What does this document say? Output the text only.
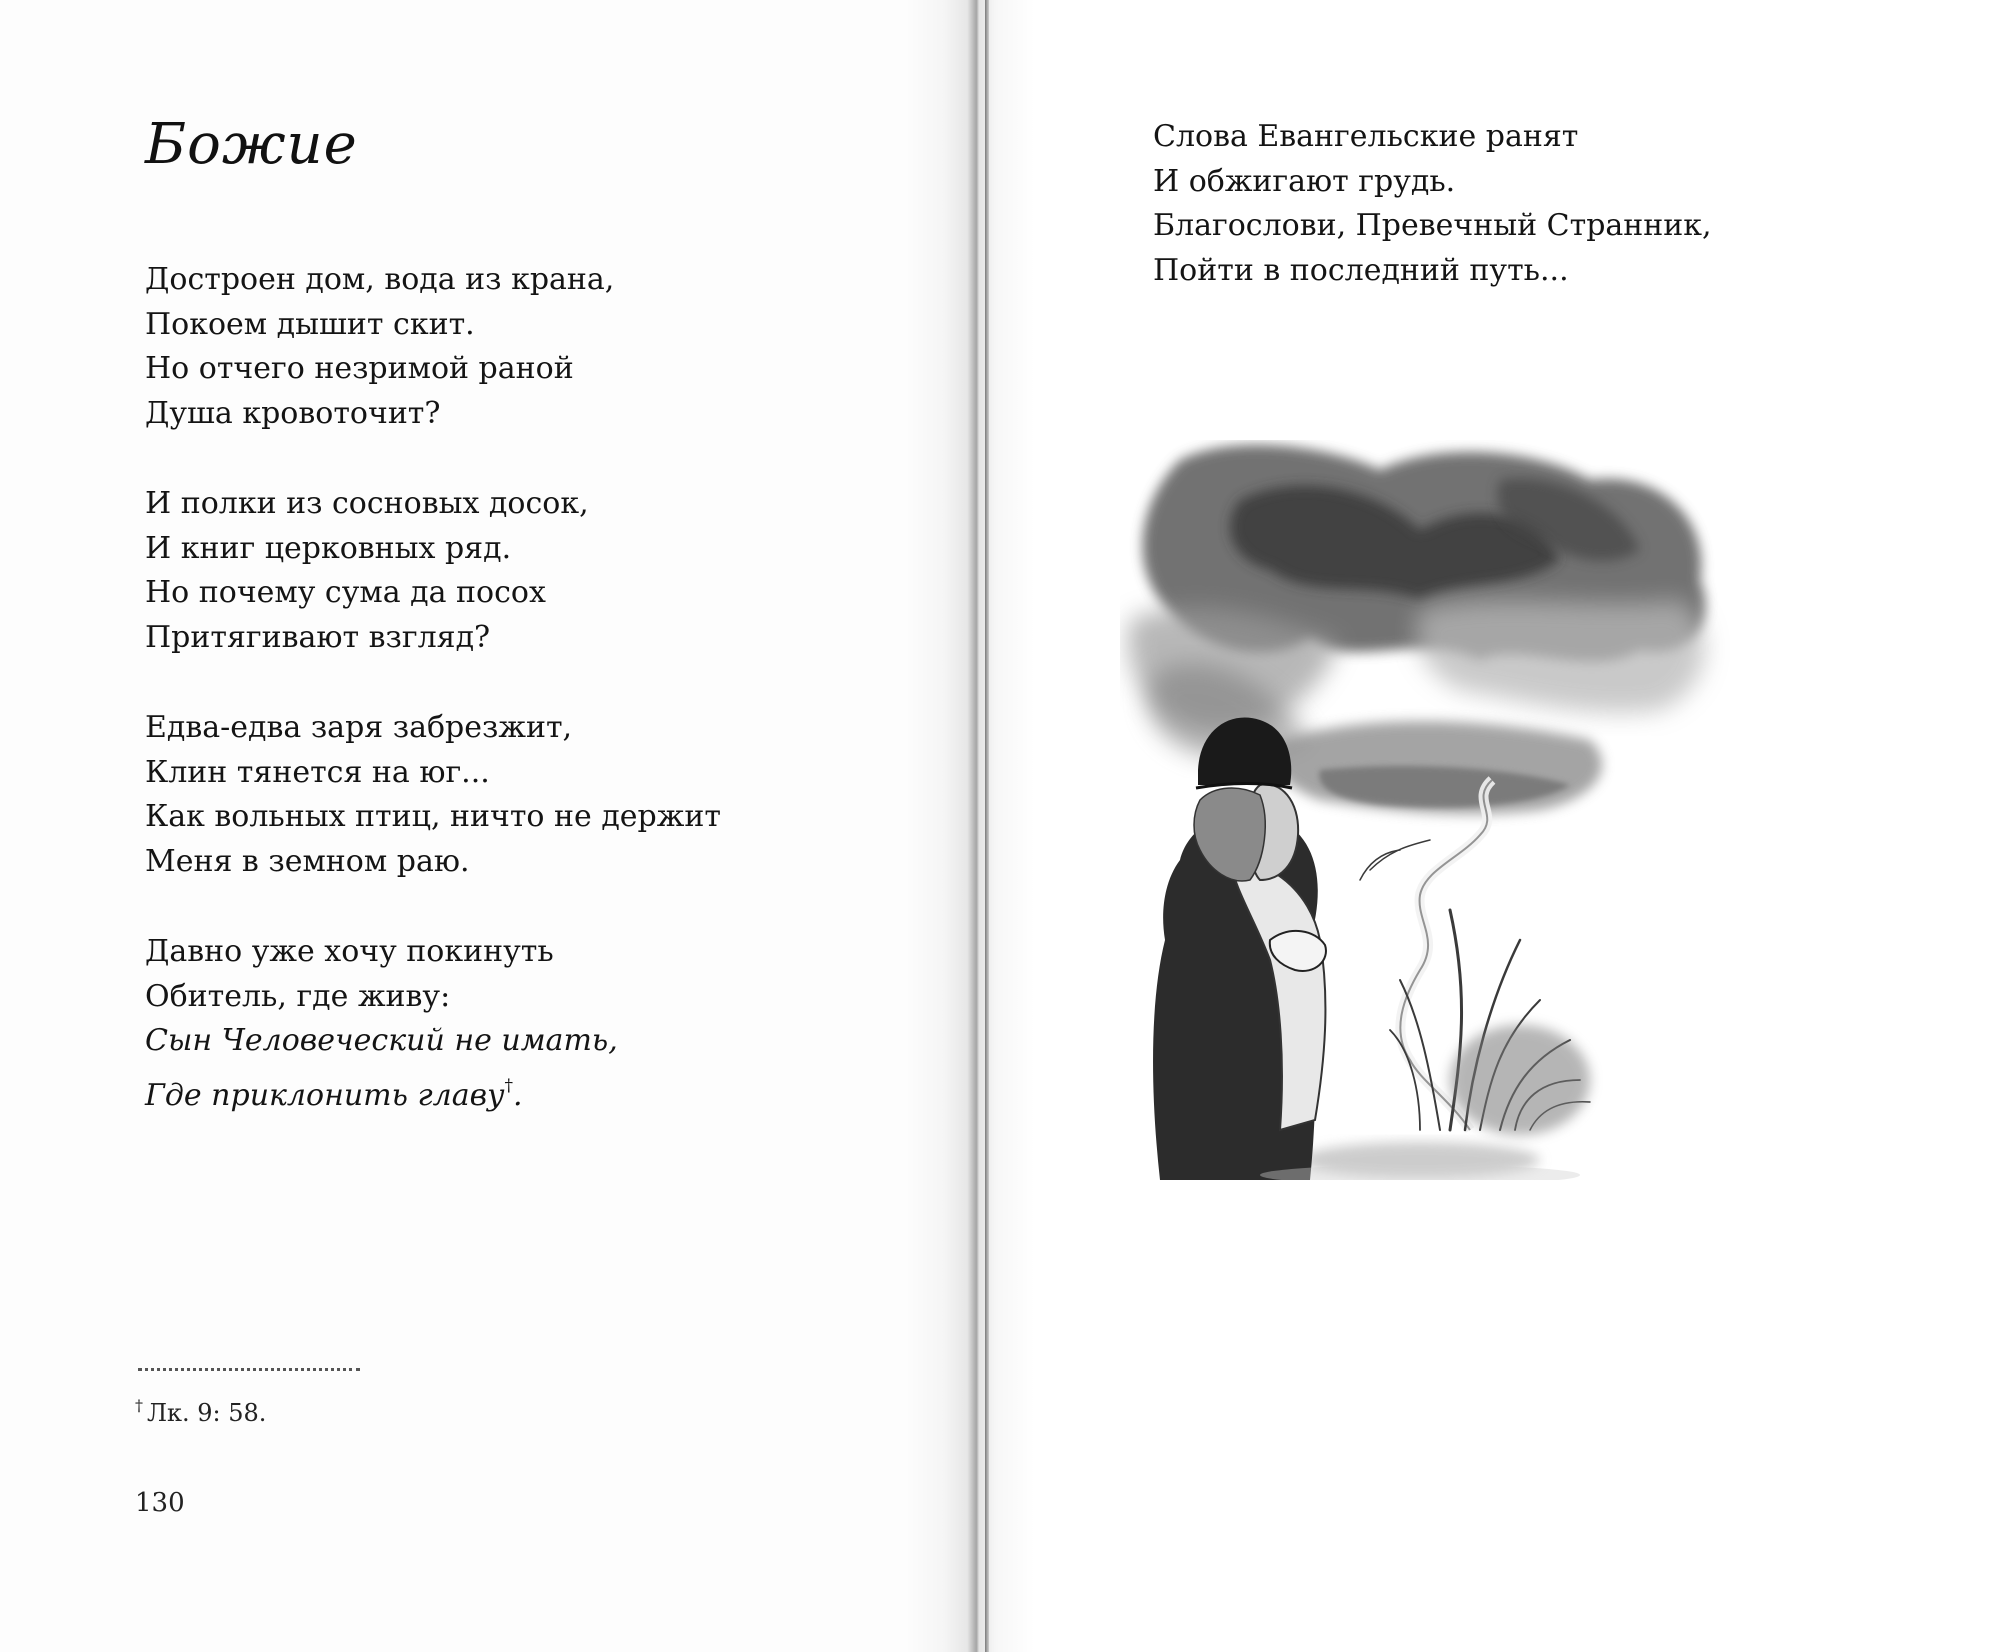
Божие

Достроен дом, вода из крана,
Покоем дышит скит.
Но отчего незримой раной
Душа кровоточит?

И полки из сосновых досок,
И книг церковных ряд.
Но почему сума да посох
Притягивают взгляд?

Едва-едва заря забрезжит,
Клин тянется на юг...
Как вольных птиц, ничто не держит
Меня в земном раю.

Давно уже хочу покинуть
Обитель, где живу:
Сын Человеческий не имать,
Где приклонить главу†.

† Лк. 9: 58.
130

Слова Евангельские ранят
И обжигают грудь.
Благослови, Превечный Странник,
Пойти в последний путь...
